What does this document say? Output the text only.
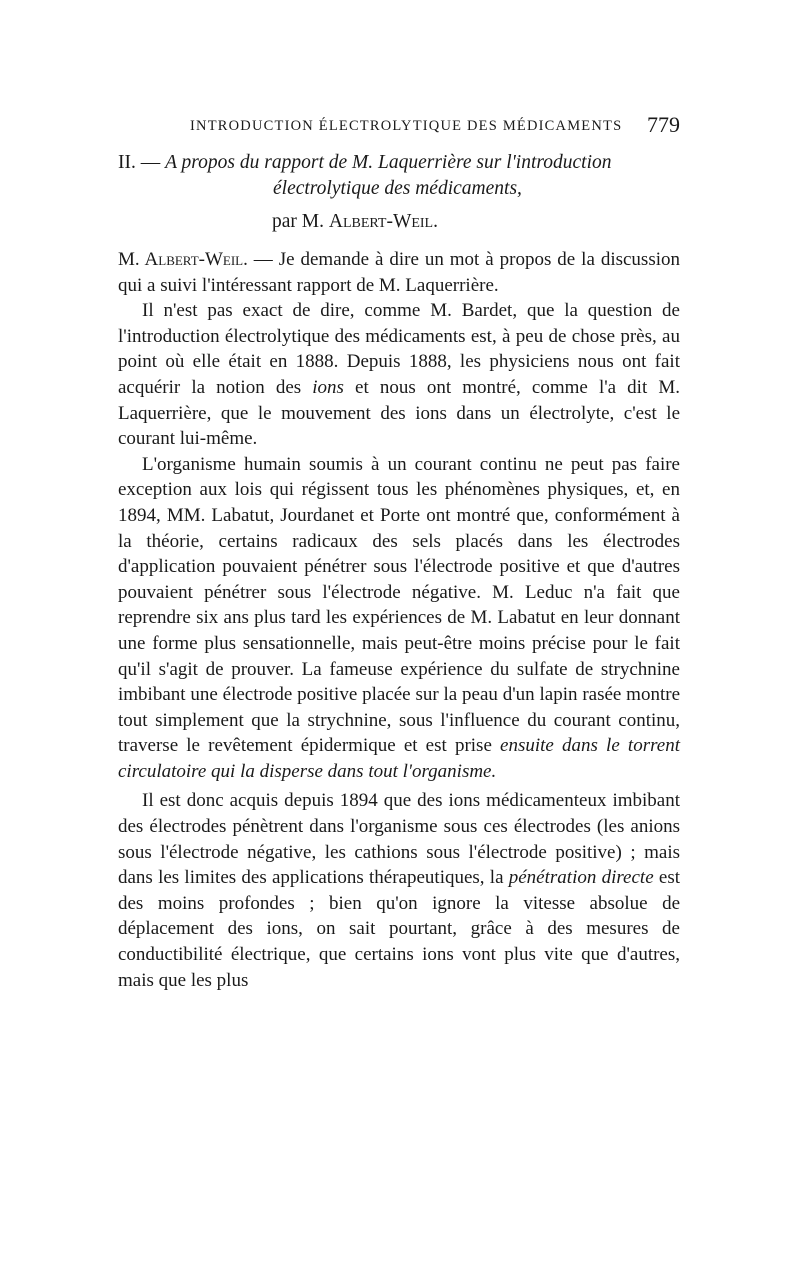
INTRODUCTION ÉLECTROLYTIQUE DES MÉDICAMENTS 779
II. — A propos du rapport de M. Laquerrière sur l'introduction
électrolytique des médicaments,
par M. Albert-Weil.

M. Albert-Weil. — Je demande à dire un mot à propos de la discussion qui a suivi l'intéressant rapport de M. Laquerrière.

Il n'est pas exact de dire, comme M. Bardet, que la question de l'introduction électrolytique des médicaments est, à peu de chose près, au point où elle était en 1888. Depuis 1888, les physiciens nous ont fait acquérir la notion des ions et nous ont montré, comme l'a dit M. Laquerrière, que le mouvement des ions dans un électrolyte, c'est le courant lui-même.

L'organisme humain soumis à un courant continu ne peut pas faire exception aux lois qui régissent tous les phénomènes physiques, et, en 1894, MM. Labatut, Jourdanet et Porte ont montré que, conformément à la théorie, certains radicaux des sels placés dans les électrodes d'application pouvaient pénétrer sous l'électrode positive et que d'autres pouvaient pénétrer sous l'électrode négative. M. Leduc n'a fait que reprendre six ans plus tard les expériences de M. Labatut en leur donnant une forme plus sensationnelle, mais peut-être moins précise pour le fait qu'il s'agit de prouver. La fameuse expérience du sulfate de strychnine imbibant une électrode positive placée sur la peau d'un lapin rasée montre tout simplement que la strychnine, sous l'influence du courant continu, traverse le revêtement épidermique et est prise ensuite dans le torrent circulatoire qui la disperse dans tout l'organisme.

Il est donc acquis depuis 1894 que des ions médicamenteux imbibant des électrodes pénètrent dans l'organisme sous ces électrodes (les anions sous l'électrode négative, les cathions sous l'électrode positive) ; mais dans les limites des applications thérapeutiques, la pénétration directe est des moins profondes ; bien qu'on ignore la vitesse absolue de déplacement des ions, on sait pourtant, grâce à des mesures de conductibilité électrique, que certains ions vont plus vite que d'autres, mais que les plus
